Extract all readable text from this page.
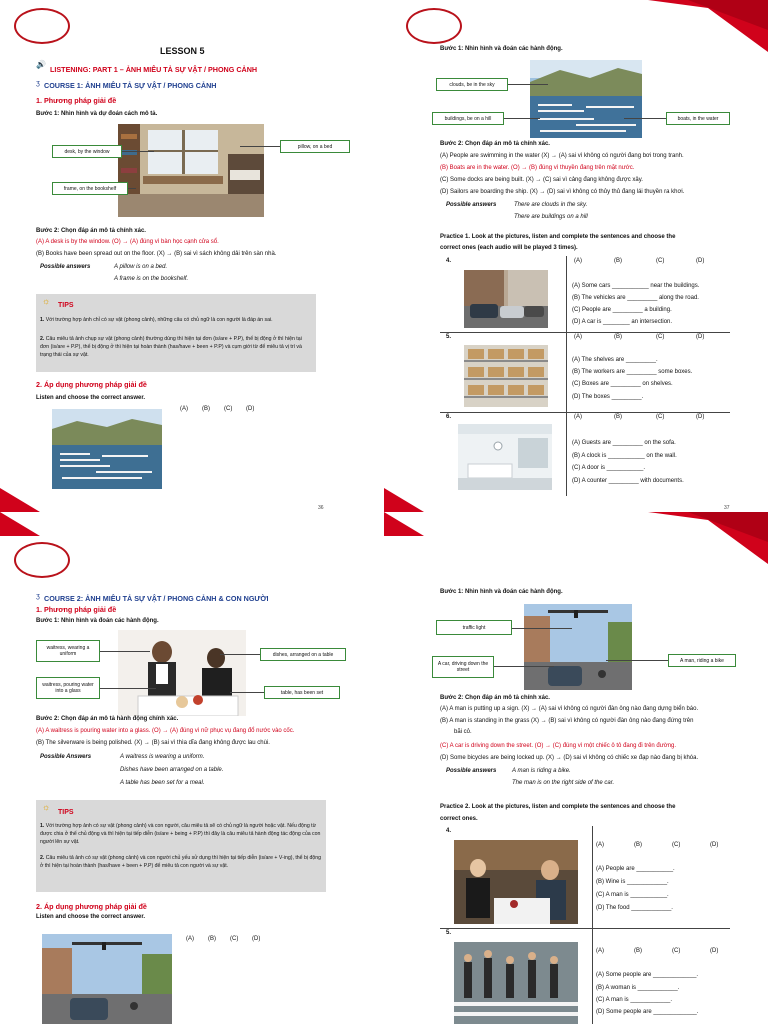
LESSON 5
🔊
LISTENING: PART 1 – ẢNH MIÊU TẢ SỰ VẬT / PHONG CẢNH
ʒ COURSE 1: ẢNH MIÊU TẢ SỰ VẬT / PHONG CẢNH
1. Phương pháp giải đề
Bước 1: Nhìn hình và dự đoán cách mô tả.
desk, by the window
pillow, on a bed
frame, on the bookshelf
Bước 2: Chọn đáp án mô tả chính xác.
(A) A desk is by the window. (O) → (A) đúng vì bàn học cạnh cửa sổ.
(B) Books have been spread out on the floor. (X) → (B) sai vì sách không dải trên sàn nhà.
Possible answers	A pillow is on a bed.
A frame is on the bookshelf.
☼ TIPS
1. Với trường hợp ảnh chỉ có sự vật (phong cảnh), những câu có chủ ngữ là con người là đáp án sai.
2. Câu miêu tả ảnh chụp sự vật (phong cảnh) thường dùng thì hiện tại đơn (is/are + P.P), thể bị động ở thì hiện tại đơn (is/are + P.P), thể bị động ở thì hiện tại hoàn thành (has/have + been + P.P) và cụm giới từ để miêu tả vị trí và trạng thái của sự vật.
2. Áp dụng phương pháp giải đề
Listen and choose the correct answer.
(A) (B) (C) (D)
36
Bước 1: Nhìn hình và đoán các hành động.
clouds, be in the sky
buildings, be on a hill	boats, in the water
Bước 2: Chọn đáp án mô tả chính xác.
(A) People are swimming in the water (X) → (A) sai vì không có người đang bơi trong tranh.
(B) Boats are in the water. (O) → (B) đúng vì thuyền đang trên mặt nước.
(C) Some docks are being built. (X) → (C) sai vì cảng đang không được xây.
(D) Sailors are boarding the ship. (X) → (D) sai vì không có thủy thủ đang lái thuyền ra khơi.
Possible answers	There are clouds in the sky.
There are buildings on a hill
Practice 1. Look at the pictures, listen and complete the sentences and choose the
correct ones (each audio will be played 3 times).
4.	(A)	(B)	(C)	(D)
(A) Some cars ___________ near the buildings.
(B) The vehicles are _________ along the road.
(C) People are _________ a building.
(D) A car is ________ an intersection.
5.	(A)	(B)	(C)	(D)
(A) The shelves are _________.
(B) The workers are _________ some boxes.
(C) Boxes are _________ on shelves.
(D) The boxes _________.
6.	(A)	(B)	(C)	(D)
(A) Guests are _________ on the sofa.
(B) A clock is ___________ on the wall.
(C) A door is ___________.
(D) A counter _________ with documents.
37
ʒ COURSE 2: ẢNH MIÊU TẢ SỰ VẬT / PHONG CẢNH & CON NGƯỜI
1. Phương pháp giải đề
Bước 1: Nhìn hình và đoán các hành động.
waitress, wearing a uniform	dishes, arranged on a table
waitress, pouring water into a glass	table, has been set
Bước 2: Chọn đáp án mô tả hành động chính xác.
(A) A waitress is pouring water into a glass. (O) → (A) đúng vì nữ phục vụ đang đổ nước vào cốc.
(B) The silverware is being polished. (X) → (B) sai vì thìa dĩa đang không được lau chùi.
Possible Answers	A waitress is wearing a uniform.
Dishes have been arranged on a table.
A table has been set for a meal.
☼
TIPS
1. Với trường hợp ảnh có sự vật (phong cảnh) và con người, câu miêu tả sẽ có chủ ngữ là người hoặc vật. Nếu động từ được chia ở thể chủ động và thì hiện tại tiếp diễn (is/are + being + P.P) thì đây là câu miêu tả hành động tác động của con người lên sự vật.
2. Câu miêu tả ảnh có sự vật (phong cảnh) và con người chủ yếu sử dụng thì hiện tại tiếp diễn (is/are + V-ing), thể bị động ở thì hiện tại hoàn thành (has/have + been + P.P) để miêu tả con người và sự vật.
2. Áp dụng phương pháp giải đề
Listen and choose the correct answer.
(A) (B) (C) (D)
Bước 1: Nhìn hình và đoán các hành động.
traffic light
A car, driving down the street
A man, riding a bike
Bước 2: Chọn đáp án mô tả chính xác.
(A) A man is putting up a sign. (X) → (A) sai vì không có người đàn ông nào đang dựng biển báo.
(B) A man is standing in the grass (X) → (B) sai vì không có người đàn ông nào đang đứng trên
bãi cỏ.
(C) A car is driving down the street. (O) → (C) đúng vì một chiếc ô tô đang đi trên đường.
(D) Some bicycles are being locked up. (X) → (D) sai vì không có chiếc xe đạp nào đang bị khóa.
Possible answers	A man is riding a bike.
The man is on the right side of the car.
Practice 2. Look at the pictures, listen and complete the sentences and choose the
correct ones.
4.
(A)	(B)	(C)	(D)
(A) People are ___________.
(B) Wine is ____________.
(C) A man is ___________.
(D) The food ____________.
5.
(A)	(B)	(C)	(D)
(A) Some people are _____________.
(B) A woman is ____________.
(C) A man is ____________.
(D) Some people are _____________.
